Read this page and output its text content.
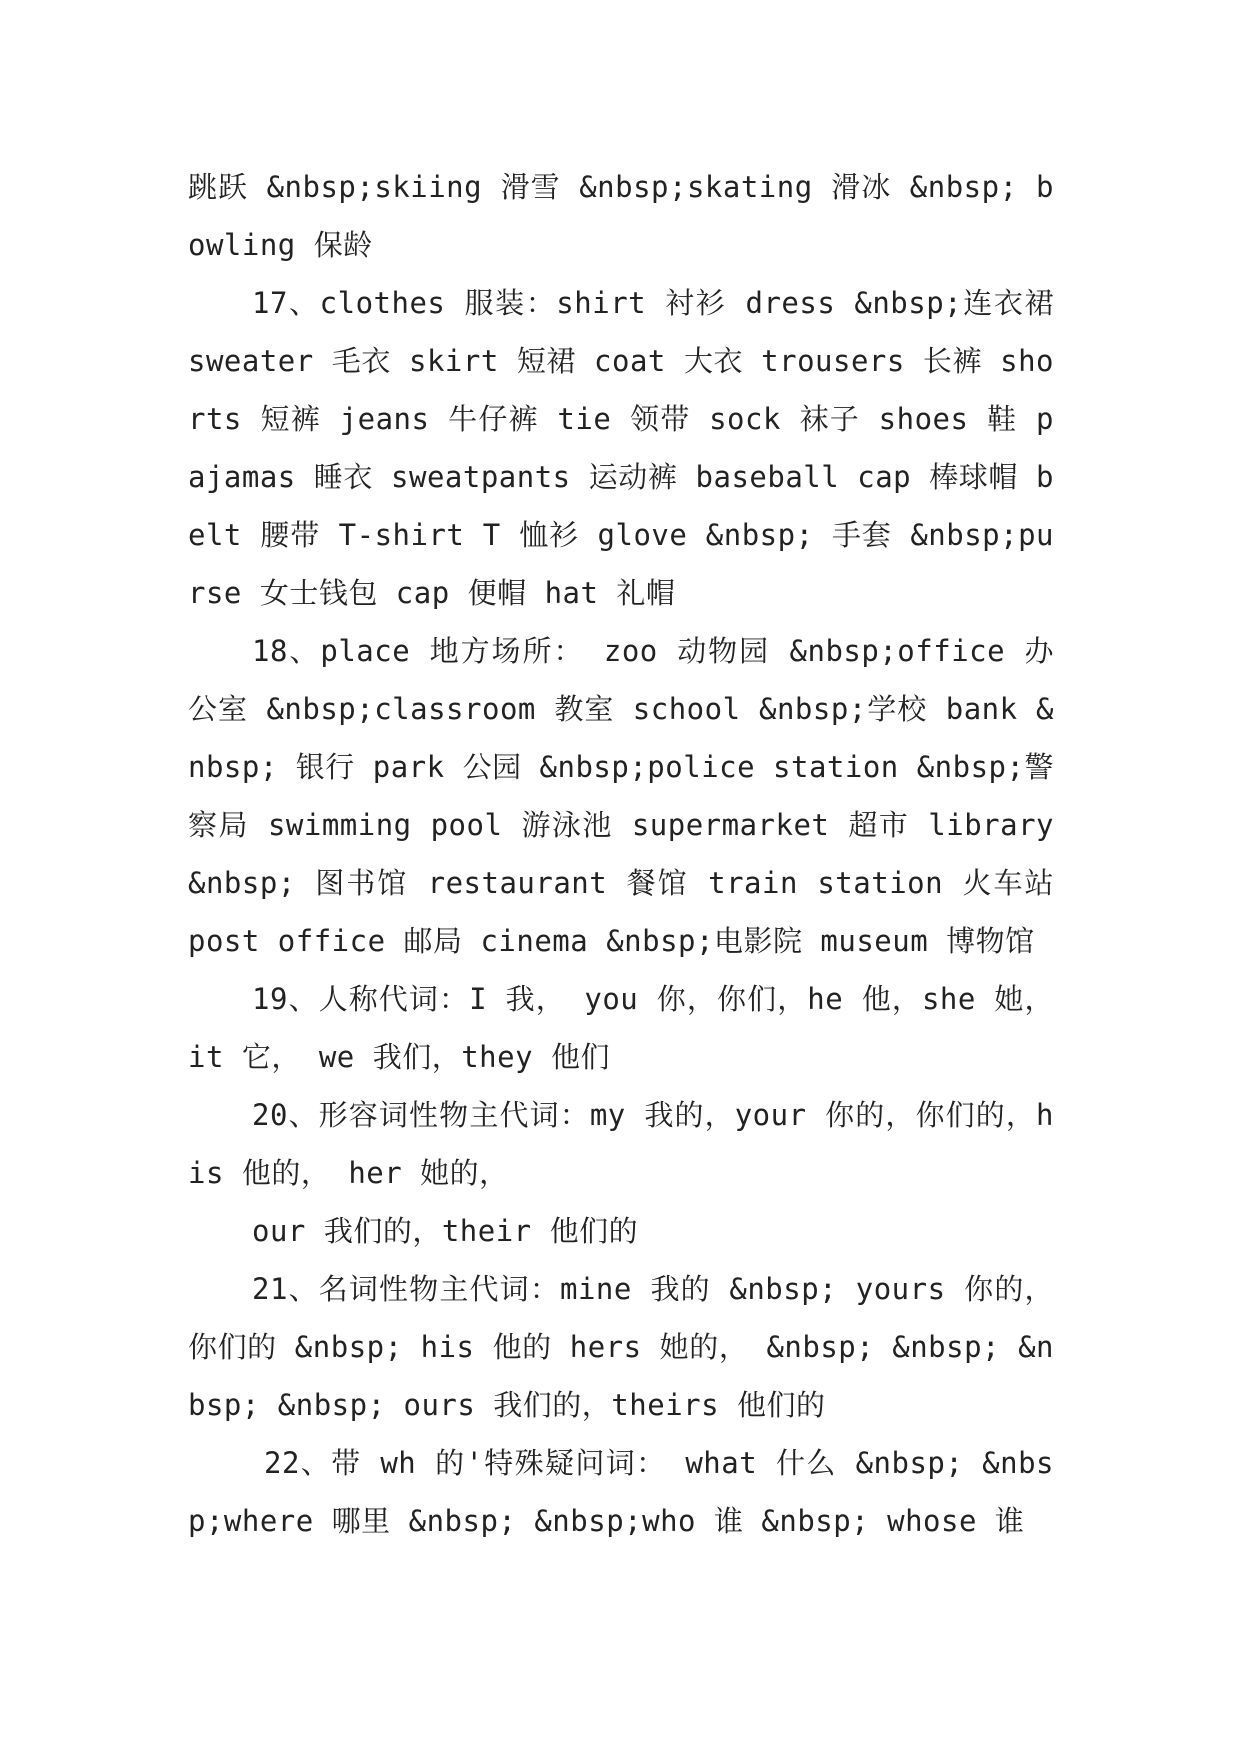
跳跃 &nbsp;skiing 滑雪 &nbsp;skating 滑冰 &nbsp; bowling 保龄

17、clothes 服装：shirt 衬衫 dress &nbsp;连衣裙 sweater 毛衣 skirt 短裙 coat 大衣 trousers 长裤 shorts 短裤 jeans 牛仔裤 tie 领带 sock 袜子 shoes 鞋 pajamas 睡衣 sweatpants 运动裤 baseball cap 棒球帽 belt 腰带 T-shirt T 恤衫 glove &nbsp; 手套 &nbsp;purse 女士钱包 cap 便帽 hat 礼帽

18、place 地方场所： zoo 动物园 &nbsp;office 办公室 &nbsp;classroom 教室 school &nbsp;学校 bank &nbsp; 银行 park 公园 &nbsp;police station &nbsp;警察局 swimming pool 游泳池 supermarket 超市 library &nbsp; 图书馆 restaurant 餐馆 train station 火车站 post office 邮局 cinema &nbsp;电影院 museum 博物馆

19、人称代词：I 我， you 你，你们，he 他，she 她， it 它， we 我们，they 他们

20、形容词性物主代词：my 我的，your 你的，你们的，his 他的， her 她的，

our 我们的，their 他们的

21、名词性物主代词：mine 我的 &nbsp; yours 你的，你们的 &nbsp; his 他的 hers 她的， &nbsp; &nbsp; &nbsp; &nbsp; ours 我们的，theirs 他们的

22、带 wh 的'特殊疑问词： what 什么 &nbsp; &nbsp;where 哪里 &nbsp; &nbsp;who 谁 &nbsp; whose 谁
